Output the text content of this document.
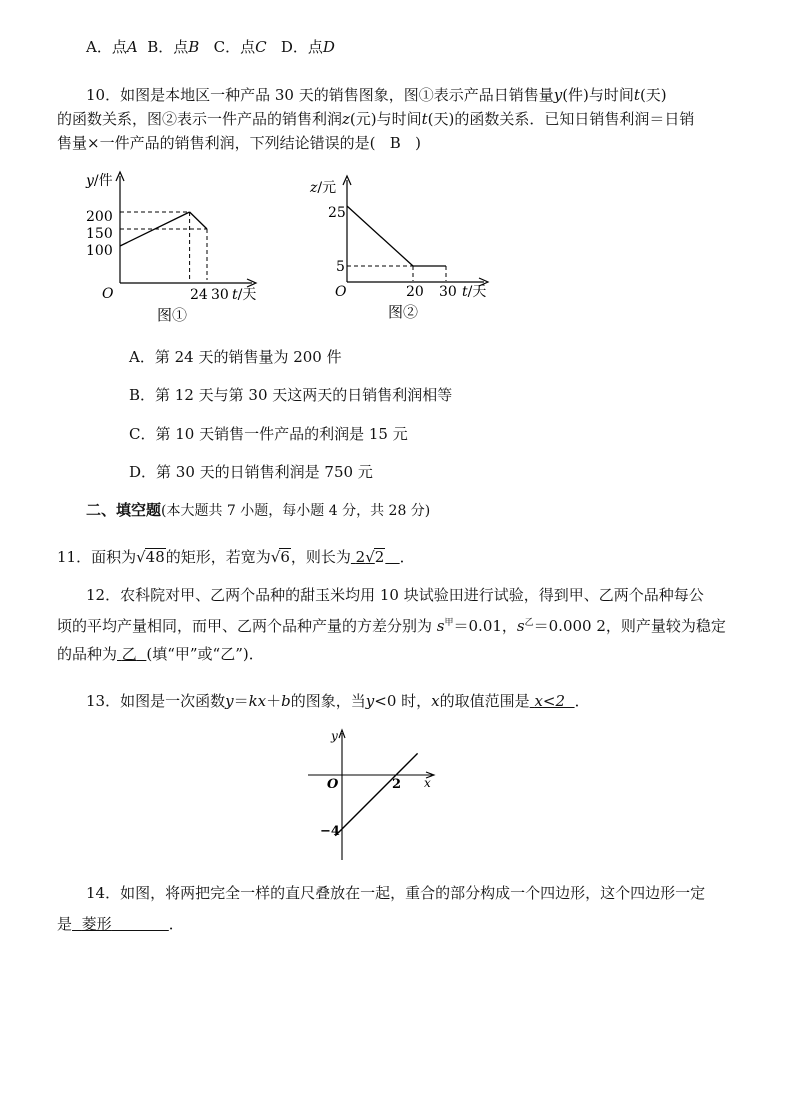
A．点A B．点B C．点C D．点D
10．如图是本地区一种产品 30 天的销售图象，图①表示产品日销售量y(件)与时间t(天)
的函数关系，图②表示一件产品的销售利润z(元)与时间t(天)的函数关系．已知日销售利润＝日销
售量×一件产品的销售利润，下列结论错误的是( B )
y/件
O
200
150
100
24 30 t/天
图①
z/元
O
25
5
20 30 t/天
图②
A．第 24 天的销售量为 200 件
B．第 12 天与第 30 天这两天的日销售利润相等
C．第 10 天销售一件产品的利润是 15 元
D．第 30 天的日销售利润是 750 元
二、填空题(本大题共 7 小题，每小题 4 分，共 28 分)
11．面积为√48的矩形，若宽为√6，则长为 2√2 ．
12．农科院对甲、乙两个品种的甜玉米均用 10 块试验田进行试验，得到甲、乙两个品种每公
顷的平均产量相同，而甲、乙两个品种产量的方差分别为 $s^甲=0.01$，$s^乙=0.000$ 2，则产量较为稳定
的品种为 乙 (填“甲”或“乙”)．
13．如图是一次函数y＝kx＋b的图象，当y<0 时，x的取值范围是 x<2 ．
y
x
O	2
−4
14．如图，将两把完全一样的直尺叠放在一起，重合的部分构成一个四边形，这个四边形一定
是 菱形	．
